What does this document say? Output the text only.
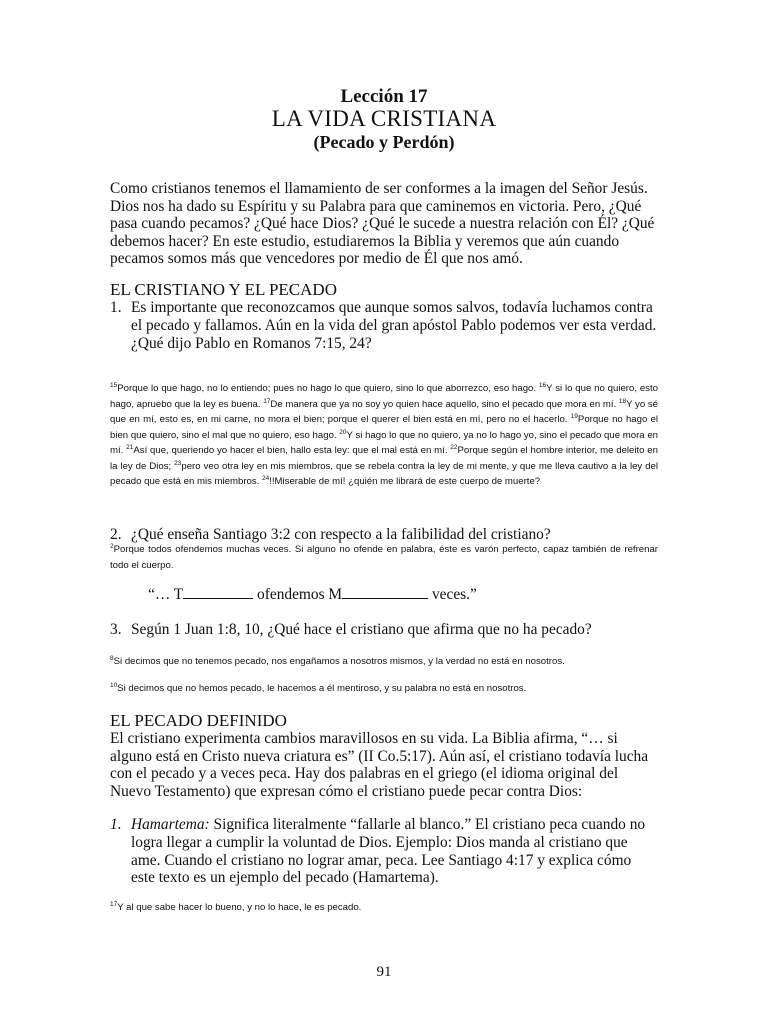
Lección 17
LA VIDA CRISTIANA
(Pecado y Perdón)
Como cristianos tenemos el llamamiento de ser conformes a la imagen del Señor Jesús. Dios nos ha dado su Espíritu y su Palabra para que caminemos en victoria. Pero, ¿Qué pasa cuando pecamos? ¿Qué hace Dios? ¿Qué le sucede a nuestra relación con Él? ¿Qué debemos hacer? En este estudio, estudiaremos la Biblia y veremos que aún cuando pecamos somos más que vencedores por medio de Él que nos amó.
EL CRISTIANO Y EL PECADO
1. Es importante que reconozcamos que aunque somos salvos, todavía luchamos contra el pecado y fallamos. Aún en la vida del gran apóstol Pablo podemos ver esta verdad. ¿Qué dijo Pablo en Romanos 7:15, 24?
$^{15}$Porque lo que hago, no lo entiendo; pues no hago lo que quiero, sino lo que aborrezco, eso hago. $^{16}$Y si lo que no quiero, esto hago, apruebo que la ley es buena. $^{17}$De manera que ya no soy yo quien hace aquello, sino el pecado que mora en mí. $^{18}$Y yo sé que en mí, esto es, en mi carne, no mora el bien; porque el querer el bien está en mí, pero no el hacerlo. $^{19}$Porque no hago el bien que quiero, sino el mal que no quiero, eso hago. $^{20}$Y si hago lo que no quiero, ya no lo hago yo, sino el pecado que mora en mí. $^{21}$Así que, queriendo yo hacer el bien, hallo esta ley: que el mal está en mí. $^{22}$Porque según el hombre interior, me deleito en la ley de Dios; $^{23}$pero veo otra ley en mis miembros, que se rebela contra la ley de mi mente, y que me lleva cautivo a la ley del pecado que está en mis miembros. $^{24}$!!Miserable de mí! ¿quién me librará de este cuerpo de muerte?
2. ¿Qué enseña Santiago 3:2 con respecto a la falibilidad del cristiano?
$^2$Porque todos ofendemos muchas veces. Si alguno no ofende en palabra, éste es varón perfecto, capaz también de refrenar todo el cuerpo.
“… T	ofendemos M	veces.”
3. Según 1 Juan 1:8, 10, ¿Qué hace el cristiano que afirma que no ha pecado?
$^8$Si decimos que no tenemos pecado, nos engañamos a nosotros mismos, y la verdad no está en nosotros.
$^{10}$Si decimos que no hemos pecado, le hacemos a él mentiroso, y su palabra no está en nosotros.
EL PECADO DEFINIDO
El cristiano experimenta cambios maravillosos en su vida. La Biblia afirma, “… si alguno está en Cristo nueva criatura es” (II Co.5:17). Aún así, el cristiano todavía lucha con el pecado y a veces peca. Hay dos palabras en el griego (el idioma original del Nuevo Testamento) que expresan cómo el cristiano puede pecar contra Dios:
1. Hamartema: Significa literalmente “fallarle al blanco.” El cristiano peca cuando no logra llegar a cumplir la voluntad de Dios. Ejemplo: Dios manda al cristiano que ame. Cuando el cristiano no lograr amar, peca. Lee Santiago 4:17 y explica cómo este texto es un ejemplo del pecado (Hamartema).
$^{17}$Y al que sabe hacer lo bueno, y no lo hace, le es pecado.
91
